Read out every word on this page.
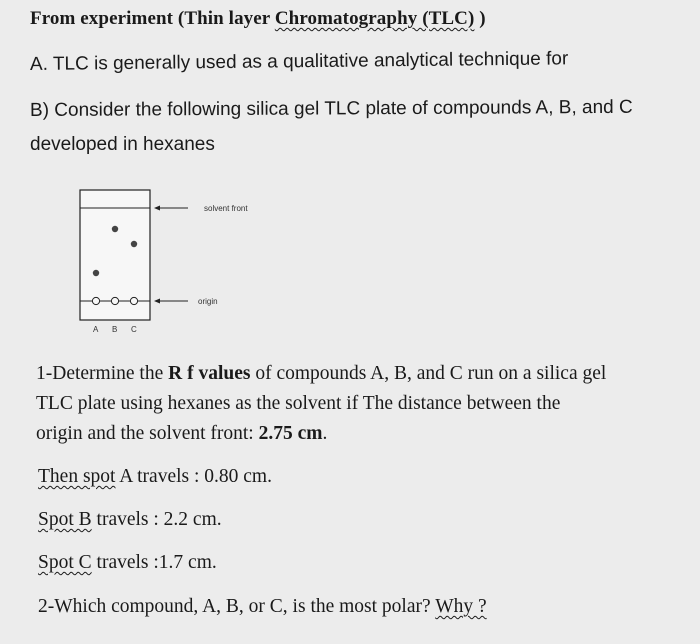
From experiment (Thin layer Chromatography (TLC) )
A. TLC is generally used as a qualitative analytical technique for
B) Consider the following silica gel TLC plate of compounds A, B, and C
developed in hexanes
solvent front
origin
A B C
1-Determine the R f values of compounds A, B, and C run on a silica gel
TLC plate using hexanes as the solvent if The distance between the
origin and the solvent front: 2.75 cm.
Then spot A travels : 0.80 cm.
Spot B travels : 2.2 cm.
Spot C travels :1.7 cm.
2-Which compound, A, B, or C, is the most polar? Why ?
